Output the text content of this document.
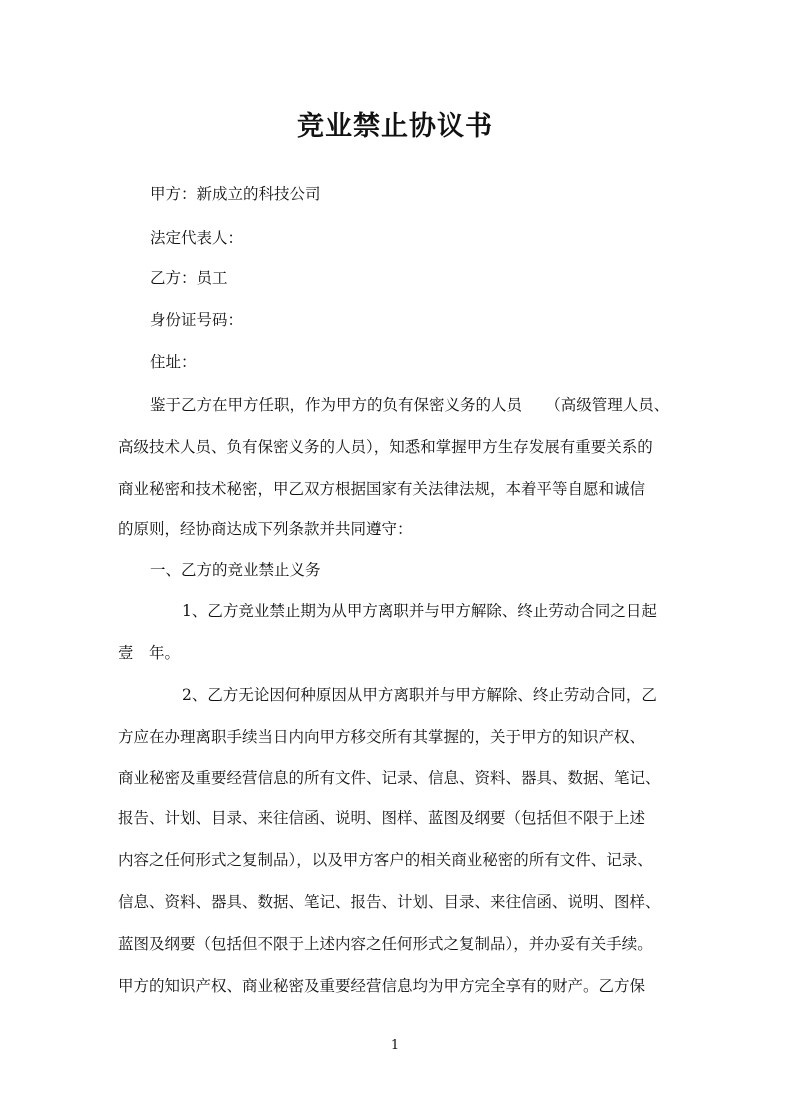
竞业禁止协议书
甲方：新成立的科技公司
法定代表人：
乙方：员工
身份证号码：
住址：
鉴于乙方在甲方任职，作为甲方的负有保密义务的人员　　（高级管理人员、
高级技术人员、负有保密义务的人员），知悉和掌握甲方生存发展有重要关系的
商业秘密和技术秘密，甲乙双方根据国家有关法律法规，本着平等自愿和诚信
的原则，经协商达成下列条款并共同遵守：
一、乙方的竞业禁止义务
1、乙方竞业禁止期为从甲方离职并与甲方解除、终止劳动合同之日起
壹　年。
2、乙方无论因何种原因从甲方离职并与甲方解除、终止劳动合同，乙
方应在办理离职手续当日内向甲方移交所有其掌握的，关于甲方的知识产权、
商业秘密及重要经营信息的所有文件、记录、信息、资料、器具、数据、笔记、
报告、计划、目录、来往信函、说明、图样、蓝图及纲要（包括但不限于上述
内容之任何形式之复制品），以及甲方客户的相关商业秘密的所有文件、记录、
信息、资料、器具、数据、笔记、报告、计划、目录、来往信函、说明、图样、
蓝图及纲要（包括但不限于上述内容之任何形式之复制品），并办妥有关手续。
甲方的知识产权、商业秘密及重要经营信息均为甲方完全享有的财产。乙方保
1
